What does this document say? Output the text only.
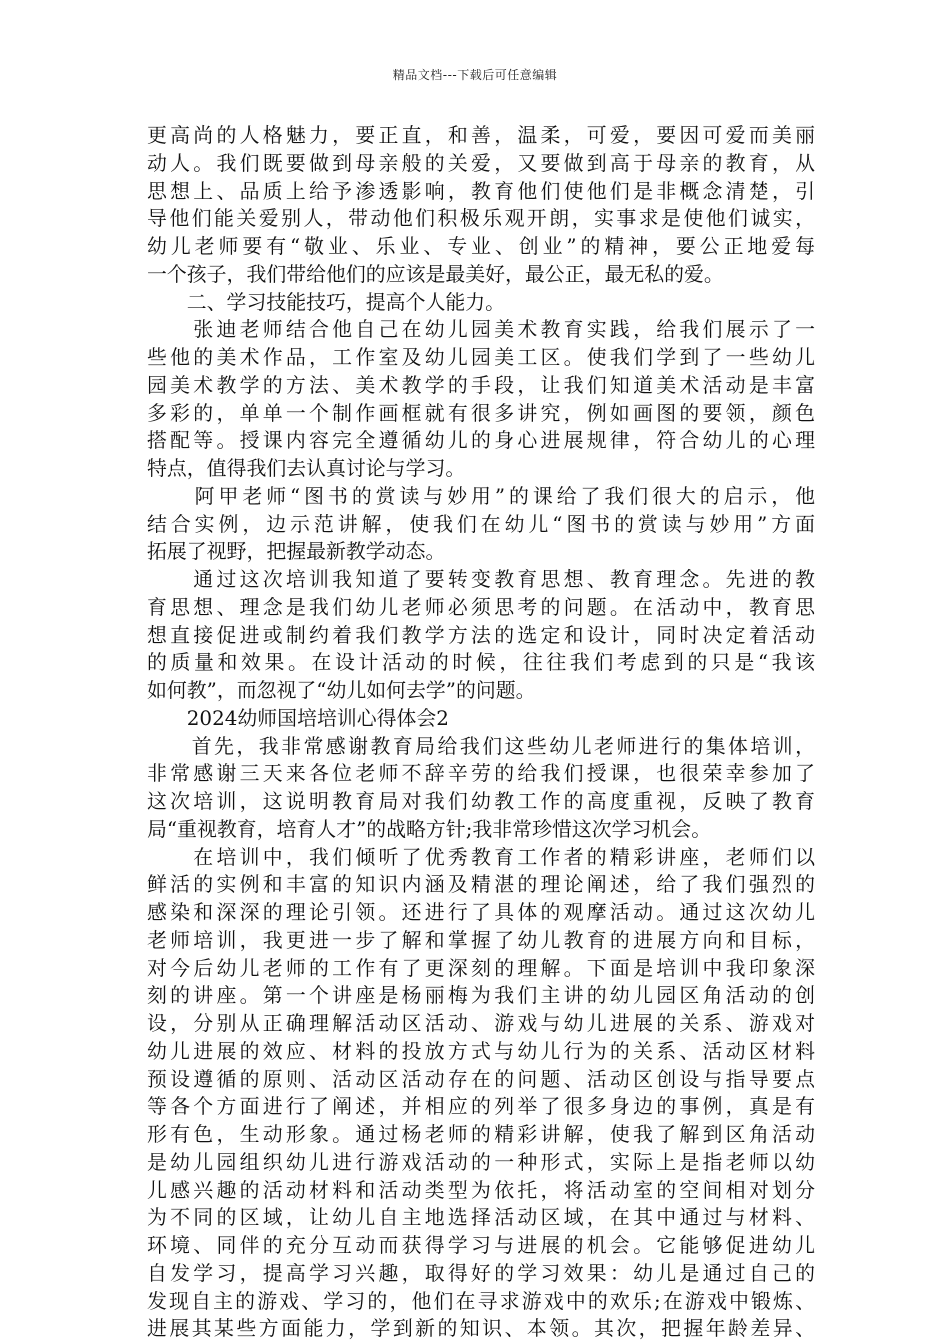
精品文档---下载后可任意编辑
更高尚的人格魅力，要正直，和善，温柔，可爱，要因可爱而美丽
动人。我们既要做到母亲般的关爱，又要做到高于母亲的教育，从
思想上、品质上给予渗透影响，教育他们使他们是非概念清楚，引
导他们能关爱别人，带动他们积极乐观开朗，实事求是使他们诚实，
幼儿老师要有“敬业、乐业、专业、创业”的精神，要公正地爱每
一个孩子，我们带给他们的应该是最美好，最公正，最无私的爱。
　　二、学习技能技巧，提高个人能力。
　　张迪老师结合他自己在幼儿园美术教育实践，给我们展示了一
些他的美术作品，工作室及幼儿园美工区。使我们学到了一些幼儿
园美术教学的方法、美术教学的手段，让我们知道美术活动是丰富
多彩的，单单一个制作画框就有很多讲究，例如画图的要领，颜色
搭配等。授课内容完全遵循幼儿的身心进展规律，符合幼儿的心理
特点，值得我们去认真讨论与学习。
　　阿甲老师“图书的赏读与妙用”的课给了我们很大的启示，他
结合实例，边示范讲解，使我们在幼儿“图书的赏读与妙用”方面
拓展了视野，把握最新教学动态。
　　通过这次培训我知道了要转变教育思想、教育理念。先进的教
育思想、理念是我们幼儿老师必须思考的问题。在活动中，教育思
想直接促进或制约着我们教学方法的选定和设计，同时决定着活动
的质量和效果。在设计活动的时候，往往我们考虑到的只是“我该
如何教”，而忽视了“幼儿如何去学”的问题。
　　2024幼师国培培训心得体会2
　　首先，我非常感谢教育局给我们这些幼儿老师进行的集体培训，
非常感谢三天来各位老师不辞辛劳的给我们授课，也很荣幸参加了
这次培训，这说明教育局对我们幼教工作的高度重视，反映了教育
局“重视教育，培育人才”的战略方针;我非常珍惜这次学习机会。
　　在培训中，我们倾听了优秀教育工作者的精彩讲座，老师们以
鲜活的实例和丰富的知识内涵及精湛的理论阐述，给了我们强烈的
感染和深深的理论引领。还进行了具体的观摩活动。通过这次幼儿
老师培训，我更进一步了解和掌握了幼儿教育的进展方向和目标，
对今后幼儿老师的工作有了更深刻的理解。下面是培训中我印象深
刻的讲座。第一个讲座是杨丽梅为我们主讲的幼儿园区角活动的创
设，分别从正确理解活动区活动、游戏与幼儿进展的关系、游戏对
幼儿进展的效应、材料的投放方式与幼儿行为的关系、活动区材料
预设遵循的原则、活动区活动存在的问题、活动区创设与指导要点
等各个方面进行了阐述，并相应的列举了很多身边的事例，真是有
形有色，生动形象。通过杨老师的精彩讲解，使我了解到区角活动
是幼儿园组织幼儿进行游戏活动的一种形式，实际上是指老师以幼
儿感兴趣的活动材料和活动类型为依托，将活动室的空间相对划分
为不同的区域，让幼儿自主地选择活动区域，在其中通过与材料、
环境、同伴的充分互动而获得学习与进展的机会。它能够促进幼儿
自发学习，提高学习兴趣，取得好的学习效果：幼儿是通过自己的
发现自主的游戏、学习的，他们在寻求游戏中的欢乐;在游戏中锻炼、
进展其某些方面能力，学到新的知识、本领。其次，把握年龄差异、
